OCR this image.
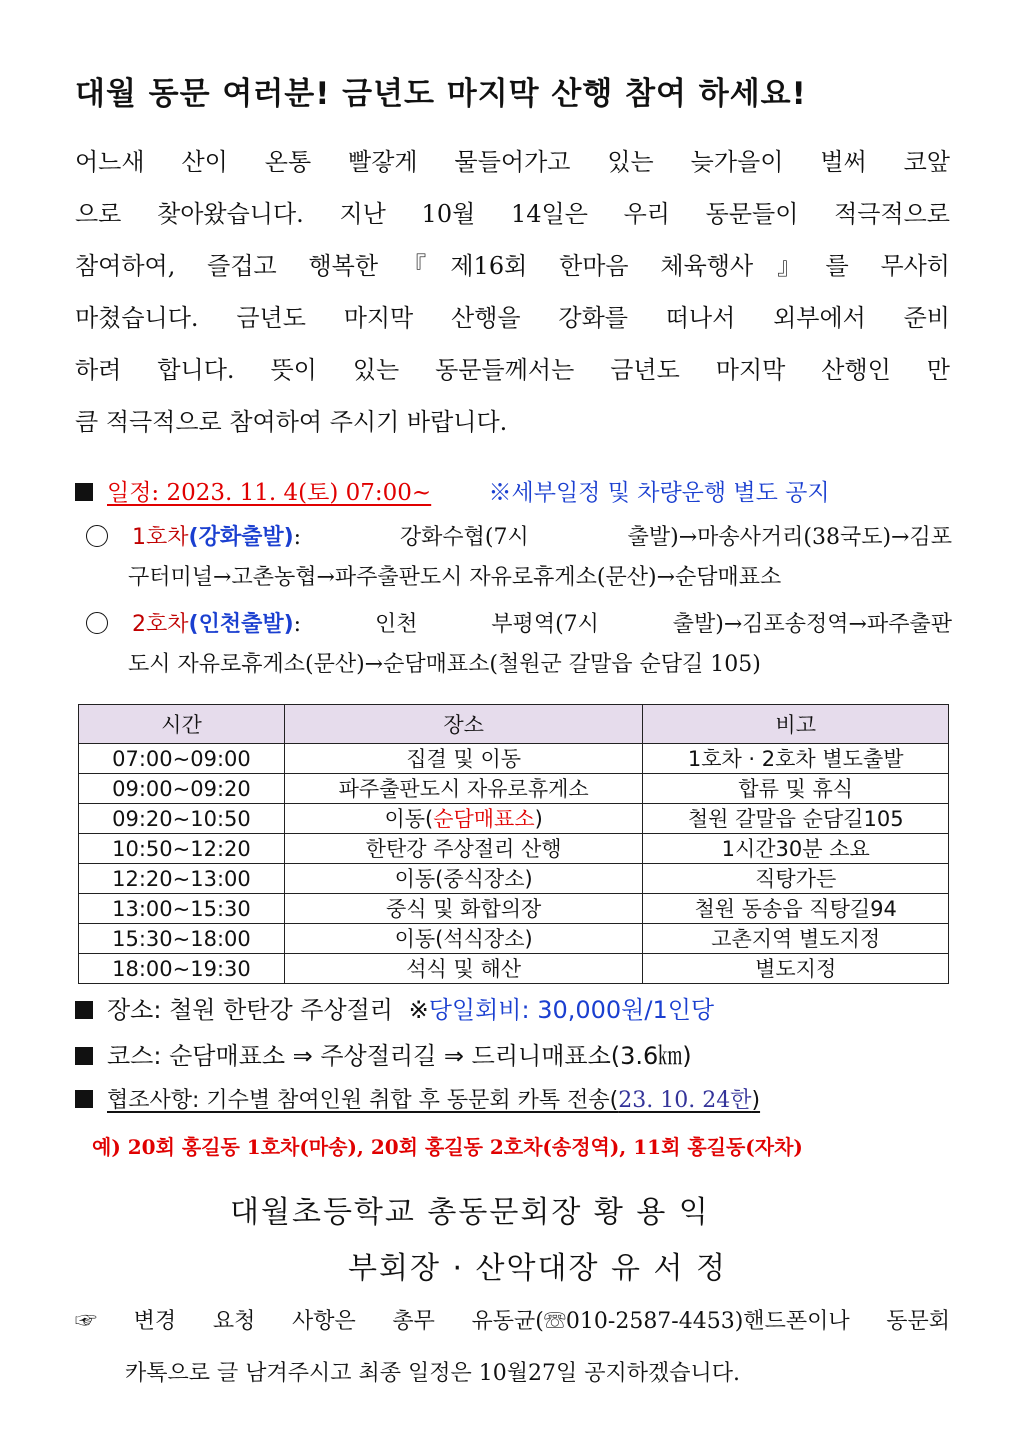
대월 동문 여러분! 금년도 마지막 산행 참여 하세요!
어느새 산이 온통 빨갛게 물들어가고 있는 늦가을이 벌써 코앞
으로 찾아왔습니다. 지난 10월 14일은 우리 동문들이 적극적으로
참여하여, 즐겁고 행복한『제16회 한마음 체육행사』를 무사히
마쳤습니다. 금년도 마지막 산행을 강화를 떠나서 외부에서 준비
하려 합니다. 뜻이 있는 동문들께서는 금년도 마지막 산행인 만
큼 적극적으로 참여하여 주시기 바랍니다.
일정: 2023. 11. 4(토) 07:00~ ※세부일정 및 차량운행 별도 공지
1호차(강화출발):	강화수협(7시 출발)→마송사거리(38국도)→김포
구터미널→고촌농협→파주출판도시 자유로휴게소(문산)→순담매표소
2호차(인천출발):	인천 부평역(7시 출발)→김포송정역→파주출판
도시 자유로휴게소(문산)→순담매표소(철원군 갈말읍 순담길 105)
시간	장소	비고
07:00~09:00	집결 및 이동	1호차 · 2호차 별도출발
09:00~09:20	파주출판도시 자유로휴게소	합류 및 휴식
09:20~10:50	이동(순담매표소)	철원 갈말읍 순담길105
10:50~12:20	한탄강 주상절리 산행	1시간30분 소요
12:20~13:00	이동(중식장소)	직탕가든
13:00~15:30	중식 및 화합의장	철원 동송읍 직탕길94
15:30~18:00	이동(석식장소)	고촌지역 별도지정
18:00~19:30	석식 및 해산	별도지정
장소: 철원 한탄강 주상절리 ※당일회비: 30,000원/1인당
코스: 순담매표소 ⇒ 주상절리길 ⇒ 드리니매표소(3.6㎞)
협조사항: 기수별 참여인원 취합 후 동문회 카톡 전송(23. 10. 24한)
예) 20회 홍길동 1호차(마송), 20회 홍길동 2호차(송정역), 11회 홍길동(자차)
대월초등학교 총동문회장 황 용 익
부회장 · 산악대장 유 서 정
☞ 변경 요청 사항은 총무 유동균(☏010-2587-4453)핸드폰이나 동문회
카톡으로 글 남겨주시고 최종 일정은 10월27일 공지하겠습니다.
